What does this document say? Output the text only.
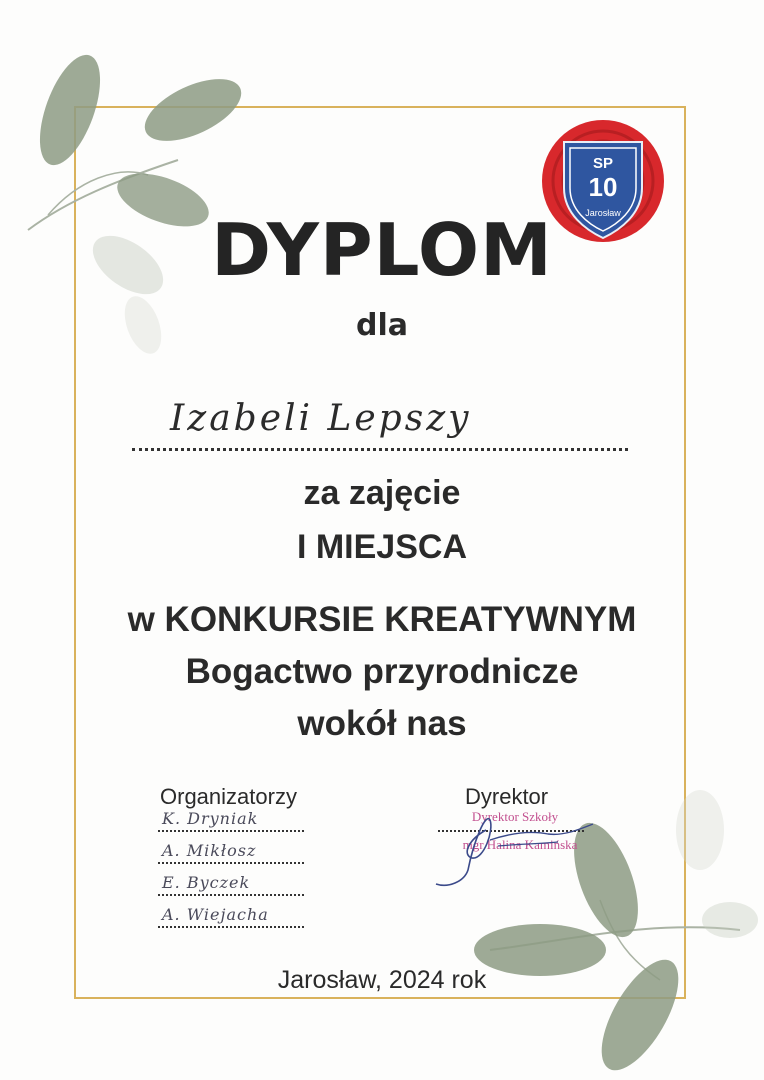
SP
10
Jarosław
DYPLOM
dla
Izabeli Lepszy
za zajęcie
I MIEJSCA
w KONKURSIE KREATYWNYM
Bogactwo przyrodnicze
wokół nas
Organizatorzy
K. Dryniak
A. Mikłosz
E. Byczek
A. Wiejacha
Dyrektor
Dyrektor Szkoły
mgr Halina Kamińska
Jarosław, 2024 rok
